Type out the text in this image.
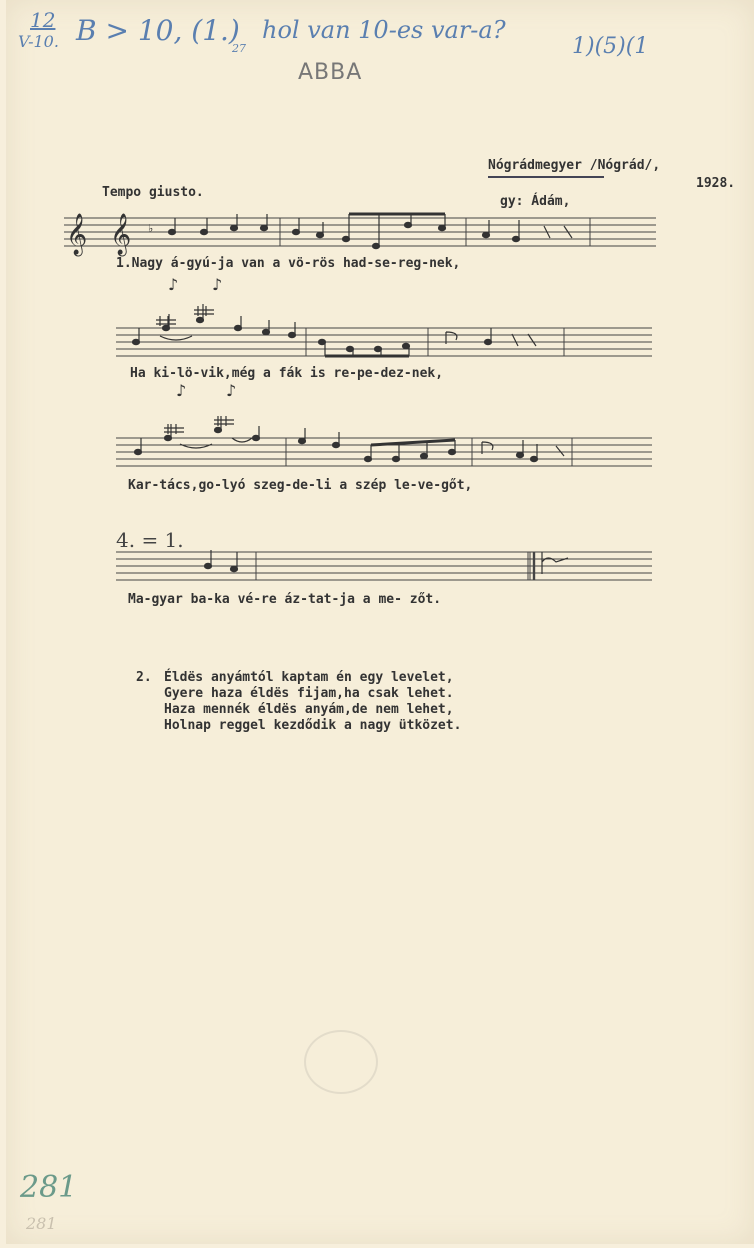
12
V-10. B > 10, (1.)
27
hol van 10-es var-a?
ABBA
1)(5)(1
Nógrádmegyer /Nógrád/,
1928.
Tempo giusto.
gy: Ádám,
𝄞 𝄞 ♭
1.Nagy á-gyú-ja van a vö-rös had-se-reg-nek,
♪ ♪
Ha ki-lö-vik,még a fák is re-pe-dez-nek,
♪ ♪
Kar-tács,go-lyó szeg-de-li a szép le-ve-gőt,
4. = 1.
Ma-gyar ba-ka vé-re áz-tat-ja a me- zőt.
2. Éldës anyámtól kaptam én egy levelet,
Gyere haza éldës fijam,ha csak lehet.
Haza mennék éldës anyám,de nem lehet,
Holnap reggel kezdődik a nagy ütközet.
281
281
